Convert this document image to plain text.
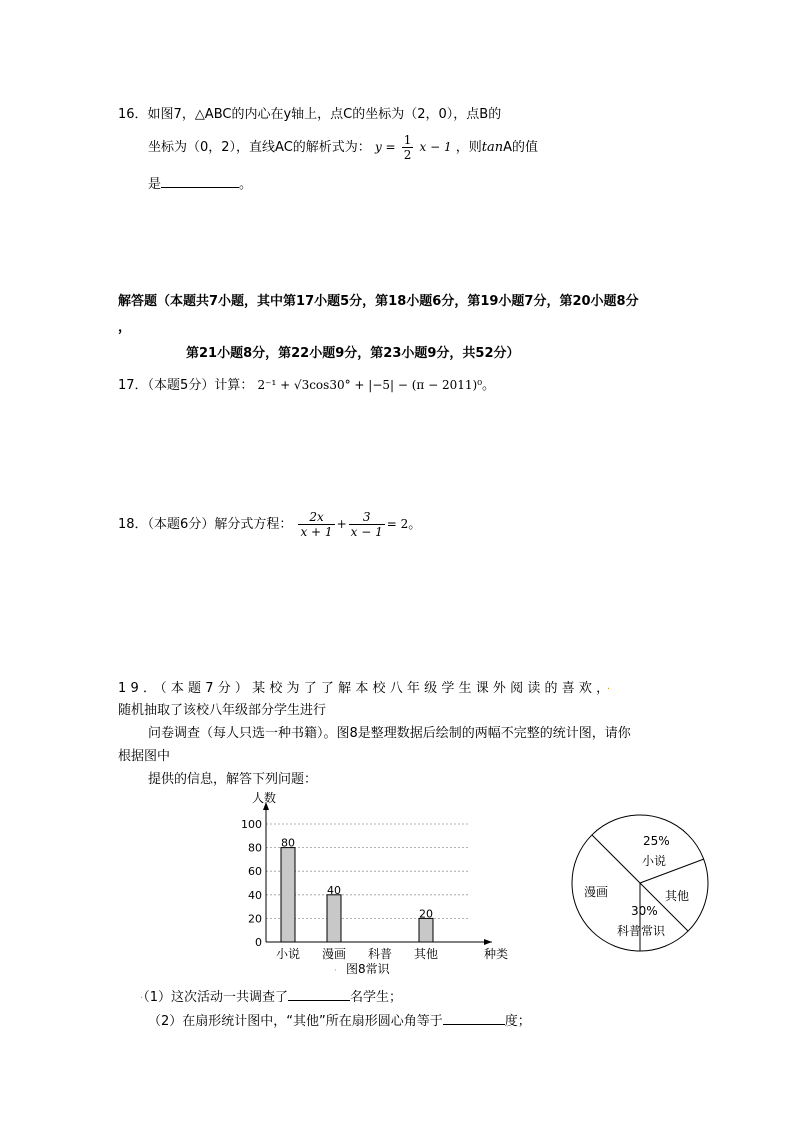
16．如图7，△ABC的内心在y轴上，点C的坐标为（2，0），点B的
坐标为（0，2），直线AC的解析式为： $y = \frac{1}{2}$ x − 1 ，则tanA的值
是	。
解答题（本题共7小题，其中第17小题5分，第18小题6分，第19小题7分，第20小题8分
，
第21小题8分，第22小题9分，第23小题9分，共52分）
17．（本题5分）计算： 2⁻¹ + √3cos30° + |−5| − (π − 2011)⁰。
18．（本题6分）解分式方程： $\frac{2x}{x + 1} + \frac{3}{x - 1} = 2$。
19．（本题7分）某校为了了解本校八年级学生课外阅读的喜欢，·
随机抽取了该校八年级部分学生进行
问卷调查（每人只选一种书籍）。图8是整理数据后绘制的两幅不完整的统计图，请你
根据图中
提供的信息，解答下列问题：
0
20
40
60
80
100
人数
种类
80
小说
40
漫画 科普
20
其他
· 图8常识
25%
小说
漫画	其他
30%
科普常识
·（1）这次活动一共调查了	名学生；
（2）在扇形统计图中，“其他”所在扇形圆心角等于	度；
